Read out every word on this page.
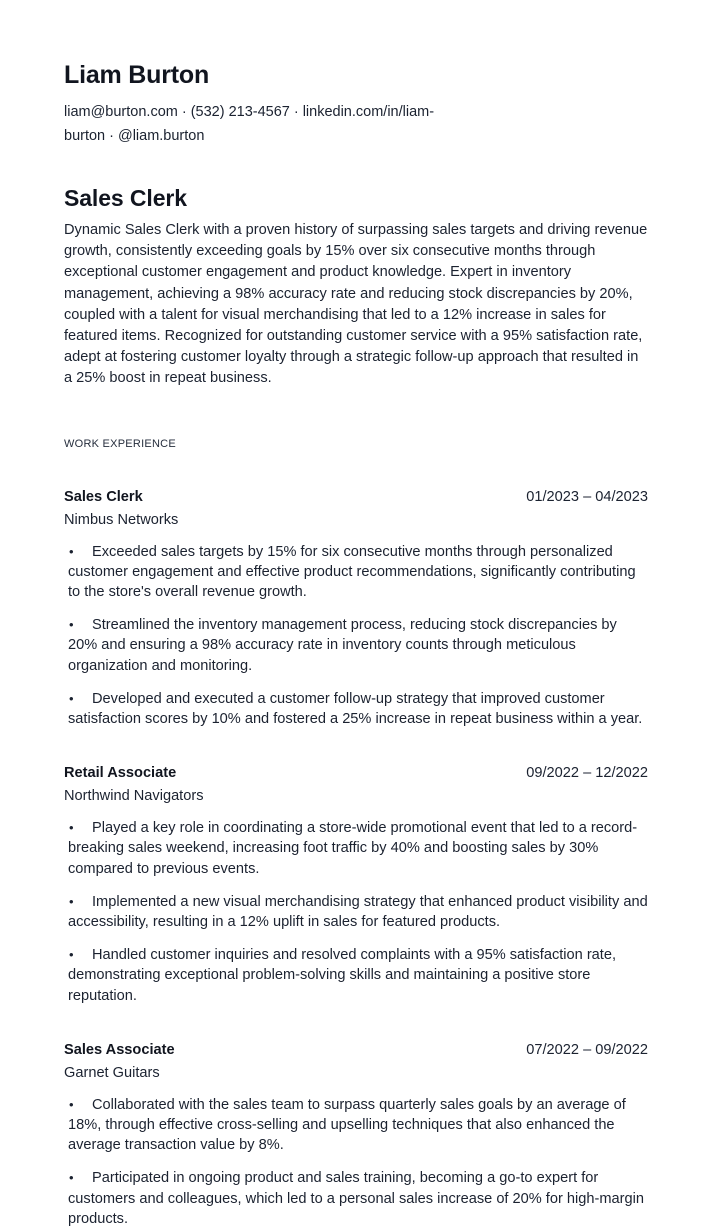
Liam Burton

liam@burton.com · (532) 213-4567 · linkedin.com/in/liam-burton · @liam.burton

Sales Clerk

Dynamic Sales Clerk with a proven history of surpassing sales targets and driving revenue growth, consistently exceeding goals by 15% over six consecutive months through exceptional customer engagement and product knowledge. Expert in inventory management, achieving a 98% accuracy rate and reducing stock discrepancies by 20%, coupled with a talent for visual merchandising that led to a 12% increase in sales for featured items. Recognized for outstanding customer service with a 95% satisfaction rate, adept at fostering customer loyalty through a strategic follow-up approach that resulted in a 25% boost in repeat business.

WORK EXPERIENCE
Sales Clerk	01/2023 – 04/2023
Nimbus Networks
•	Exceeded sales targets by 15% for six consecutive months through personalized customer engagement and effective product recommendations, significantly contributing to the store's overall revenue growth.
•	Streamlined the inventory management process, reducing stock discrepancies by 20% and ensuring a 98% accuracy rate in inventory counts through meticulous organization and monitoring.
•	Developed and executed a customer follow-up strategy that improved customer satisfaction scores by 10% and fostered a 25% increase in repeat business within a year.
Retail Associate	09/2022 – 12/2022
Northwind Navigators
•	Played a key role in coordinating a store-wide promotional event that led to a record-breaking sales weekend, increasing foot traffic by 40% and boosting sales by 30% compared to previous events.
•	Implemented a new visual merchandising strategy that enhanced product visibility and accessibility, resulting in a 12% uplift in sales for featured products.
•	Handled customer inquiries and resolved complaints with a 95% satisfaction rate, demonstrating exceptional problem-solving skills and maintaining a positive store reputation.
Sales Associate	07/2022 – 09/2022
Garnet Guitars
•	Collaborated with the sales team to surpass quarterly sales goals by an average of 18%, through effective cross-selling and upselling techniques that also enhanced the average transaction value by 8%.
•	Participated in ongoing product and sales training, becoming a go-to expert for customers and colleagues, which led to a personal sales increase of 20% for high-margin products.
